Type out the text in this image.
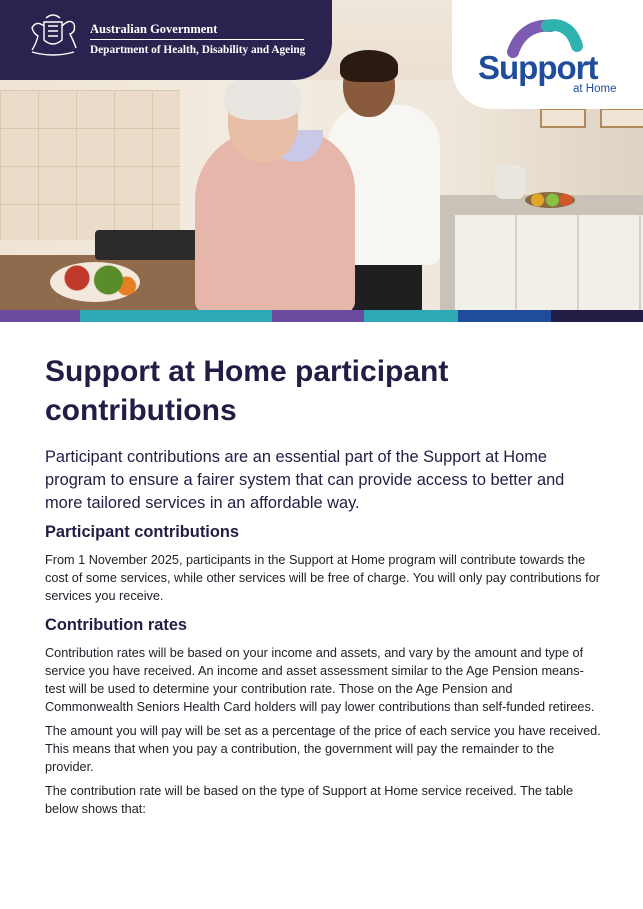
Australian Government
Department of Health, Disability and Ageing	Support
at Home
Support at Home participant contributions

Participant contributions are an essential part of the Support at Home program to ensure a fairer system that can provide access to better and more tailored services in an affordable way.

Participant contributions

From 1 November 2025, participants in the Support at Home program will contribute towards the cost of some services, while other services will be free of charge. You will only pay contributions for services you receive.

Contribution rates

Contribution rates will be based on your income and assets, and vary by the amount and type of service you have received. An income and asset assessment similar to the Age Pension means-test will be used to determine your contribution rate. Those on the Age Pension and Commonwealth Seniors Health Card holders will pay lower contributions than self-funded retirees.

The amount you will pay will be set as a percentage of the price of each service you have received. This means that when you pay a contribution, the government will pay the remainder to the provider.

The contribution rate will be based on the type of Support at Home service received. The table below shows that:
